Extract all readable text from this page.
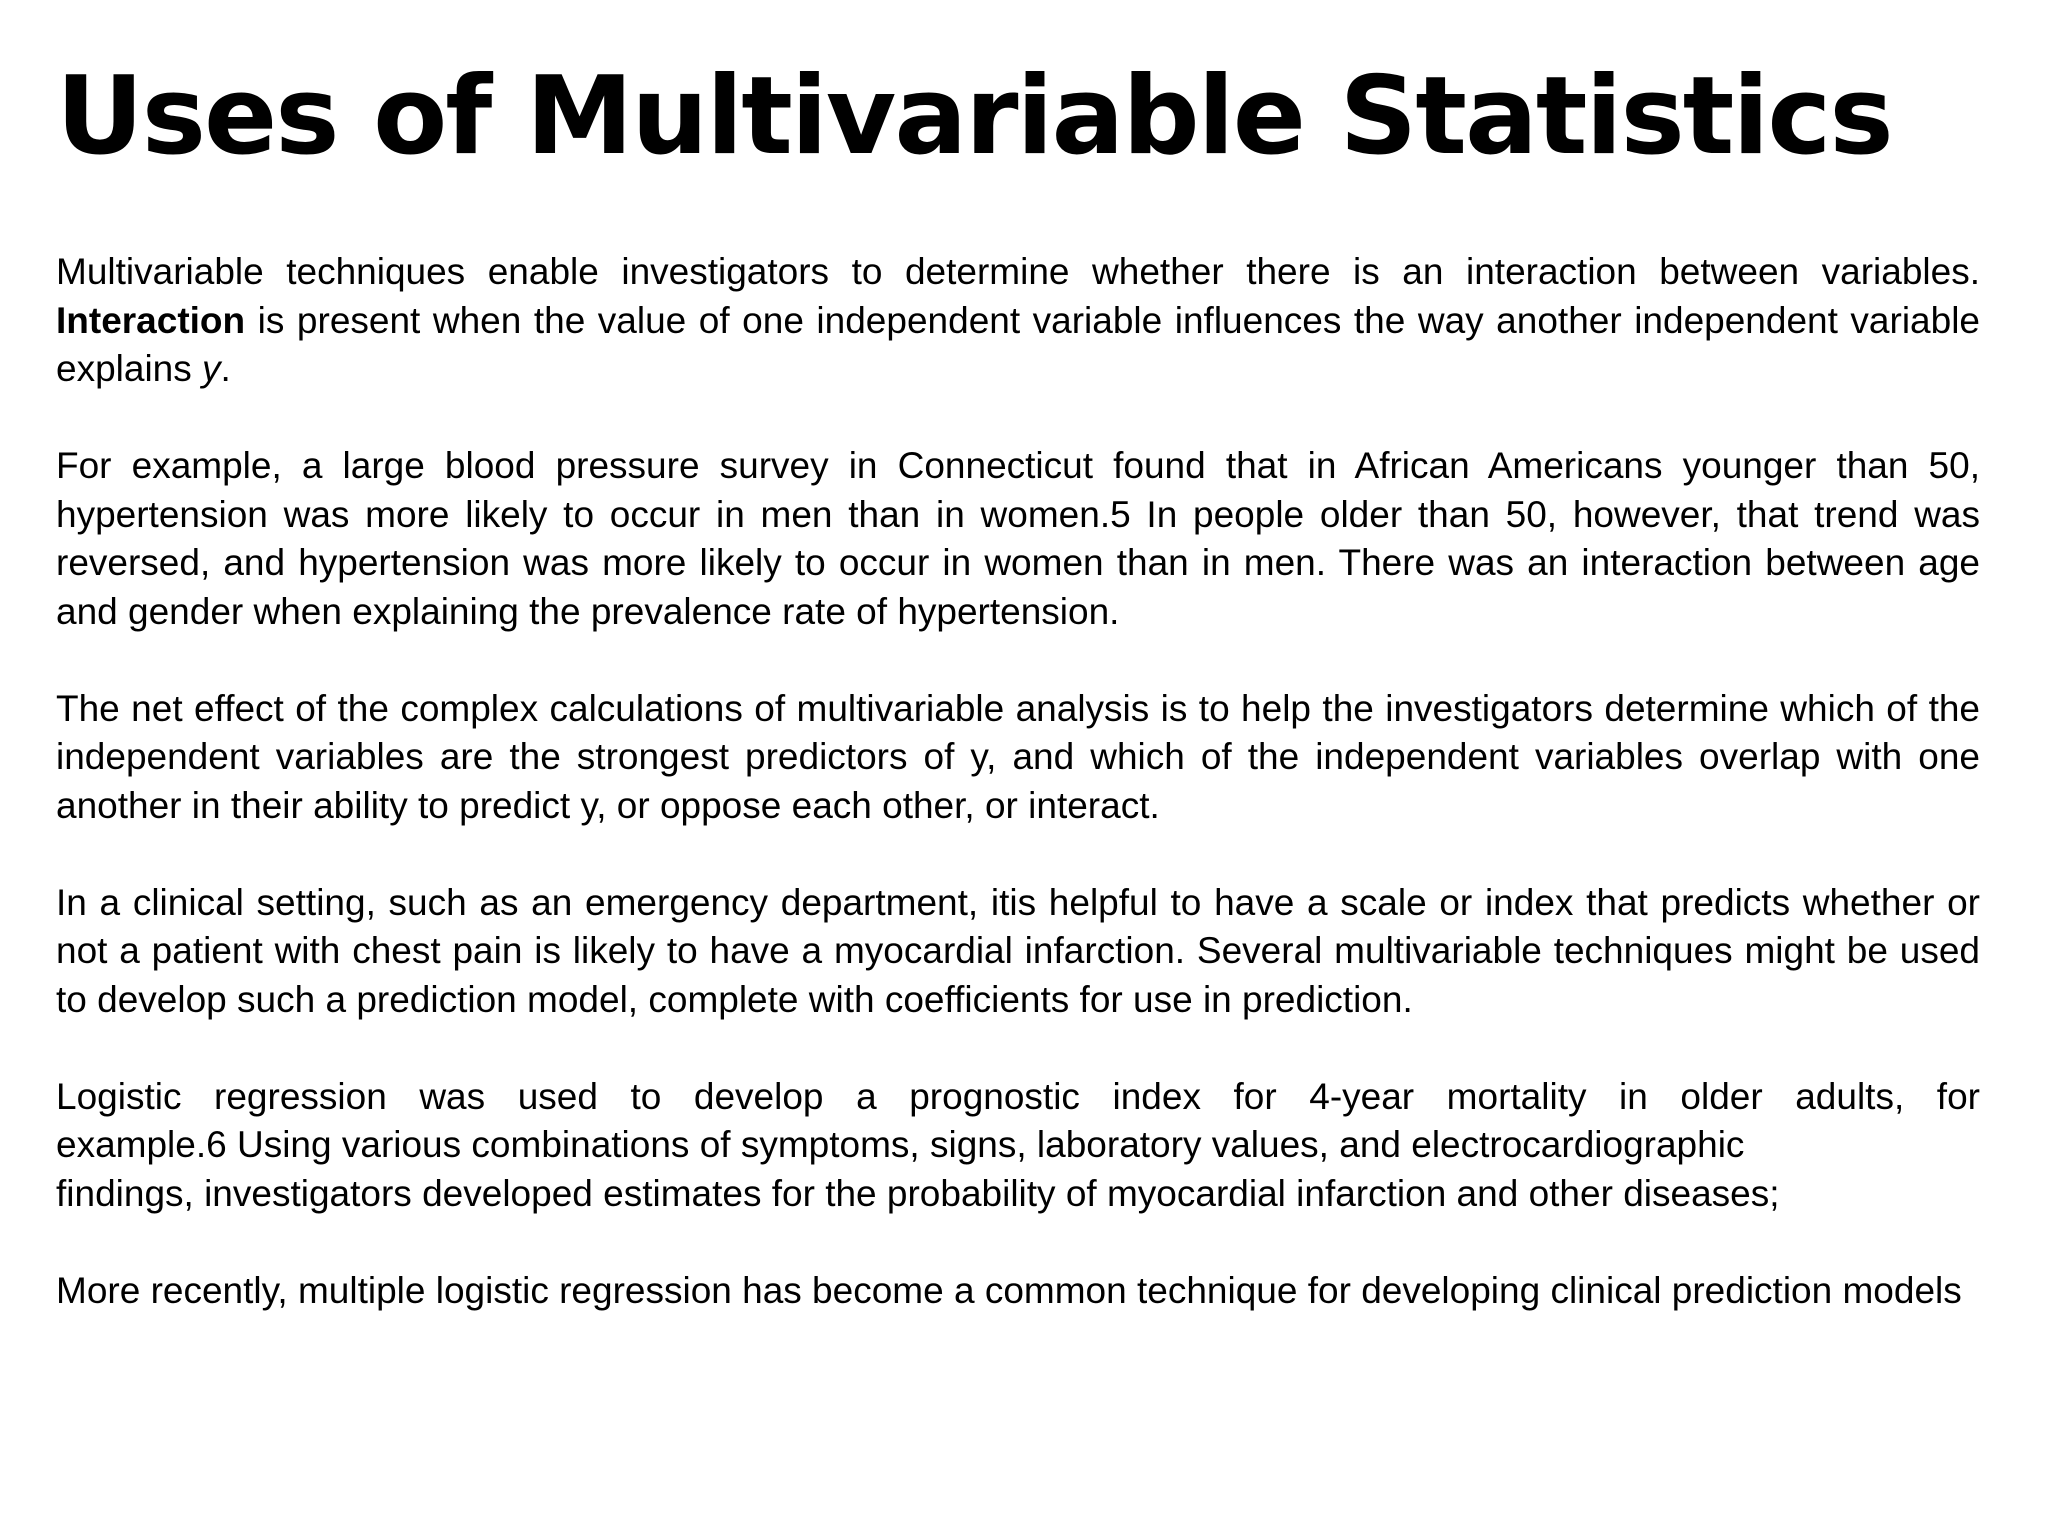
Uses of Multivariable Statistics

Multivariable techniques enable investigators to determine whether there is an interaction between variables. Interaction is present when the value of one independent variable influences the way another independent variable explains y.

For example, a large blood pressure survey in Connecticut found that in African Americans younger than 50, hypertension was more likely to occur in men than in women.5 In people older than 50, however, that trend was reversed, and hypertension was more likely to occur in women than in men. There was an interaction between age and gender when explaining the prevalence rate of hypertension.

The net effect of the complex calculations of multivariable analysis is to help the investigators determine which of the independent variables are the strongest predictors of y, and which of the independent variables overlap with one another in their ability to predict y, or oppose each other, or interact.

In a clinical setting, such as an emergency department, itis helpful to have a scale or index that predicts whether or not a patient with chest pain is likely to have a myocardial infarction. Several multivariable techniques might be used to develop such a prediction model, complete with coefficients for use in prediction.

Logistic regression was used to develop a prognostic index for 4-year mortality in older adults, for
example.6 Using various combinations of symptoms, signs, laboratory values, and electrocardiographic
findings, investigators developed estimates for the probability of myocardial infarction and other diseases;

More recently, multiple logistic regression has become a common technique for developing clinical prediction models
